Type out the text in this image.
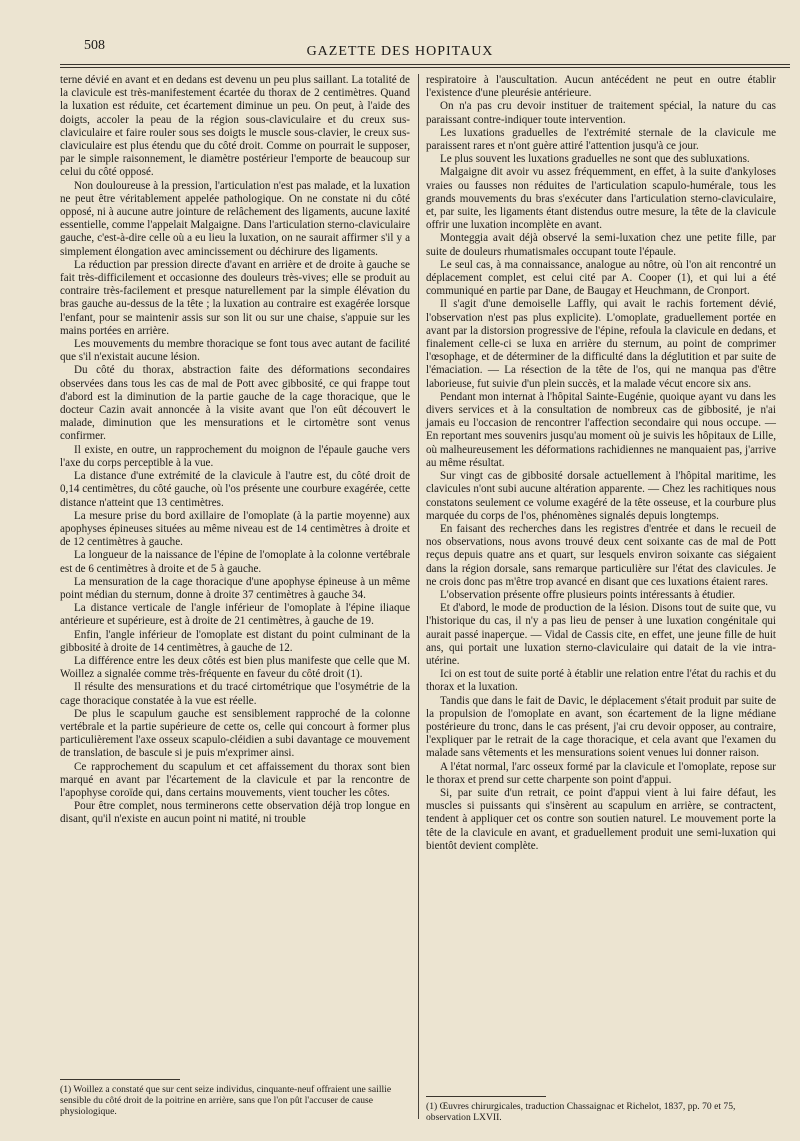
508	GAZETTE DES HOPITAUX

terne dévié en avant et en dedans est devenu un peu plus saillant. La totalité de la clavicule est très-manifestement écartée du thorax de 2 centimètres. Quand la luxation est réduite, cet écartement diminue un peu. On peut, à l'aide des doigts, accoler la peau de la région sous-claviculaire et du creux sus-claviculaire et faire rouler sous ses doigts le muscle sous-clavier, le creux sus-claviculaire est plus étendu que du côté droit. Comme on pourrait le supposer, par le simple raisonnement, le diamètre postérieur l'emporte de beaucoup sur celui du côté opposé.

Non douloureuse à la pression, l'articulation n'est pas malade, et la luxation ne peut être véritablement appelée pathologique. On ne constate ni du côté opposé, ni à aucune autre jointure de relâchement des ligaments, aucune laxité essentielle, comme l'appelait Malgaigne. Dans l'articulation sterno-claviculaire gauche, c'est-à-dire celle où a eu lieu la luxation, on ne saurait affirmer s'il y a simplement élongation avec amincissement ou déchirure des ligaments.

La réduction par pression directe d'avant en arrière et de droite à gauche se fait très-difficilement et occasionne des douleurs très-vives; elle se produit au contraire très-facilement et presque naturellement par la simple élévation du bras gauche au-dessus de la tête ; la luxation au contraire est exagérée lorsque l'enfant, pour se maintenir assis sur son lit ou sur une chaise, s'appuie sur les mains portées en arrière.

Les mouvements du membre thoracique se font tous avec autant de facilité que s'il n'existait aucune lésion.

Du côté du thorax, abstraction faite des déformations secondaires observées dans tous les cas de mal de Pott avec gibbosité, ce qui frappe tout d'abord est la diminution de la partie gauche de la cage thoracique, que le docteur Cazin avait annoncée à la visite avant que l'on eût découvert le malade, diminution que les mensurations et le cirtomètre sont venus confirmer.

Il existe, en outre, un rapprochement du moignon de l'épaule gauche vers l'axe du corps perceptible à la vue.

La distance d'une extrémité de la clavicule à l'autre est, du côté droit de 0,14 centimètres, du côté gauche, où l'os présente une courbure exagérée, cette distance n'atteint que 13 centimètres.

La mesure prise du bord axillaire de l'omoplate (à la partie moyenne) aux apophyses épineuses situées au même niveau est de 14 centimètres à droite et de 12 centimètres à gauche.

La longueur de la naissance de l'épine de l'omoplate à la colonne vertébrale est de 6 centimètres à droite et de 5 à gauche.

La mensuration de la cage thoracique d'une apophyse épineuse à un même point médian du sternum, donne à droite 37 centimètres à gauche 34.

La distance verticale de l'angle inférieur de l'omoplate à l'épine iliaque antérieure et supérieure, est à droite de 21 centimètres, à gauche de 19.

Enfin, l'angle inférieur de l'omoplate est distant du point culminant de la gibbosité à droite de 14 centimètres, à gauche de 12.

La différence entre les deux côtés est bien plus manifeste que celle que M. Woillez a signalée comme très-fréquente en faveur du côté droit (1).

Il résulte des mensurations et du tracé cirtométrique que l'osymétrie de la cage thoracique constatée à la vue est réelle.

De plus le scapulum gauche est sensiblement rapproché de la colonne vertébrale et la partie supérieure de cette os, celle qui concourt à former plus particulièrement l'axe osseux scapulo-cléidien a subi davantage ce mouvement de translation, de bascule si je puis m'exprimer ainsi.

Ce rapprochement du scapulum et cet affaissement du thorax sont bien marqué en avant par l'écartement de la clavicule et par la rencontre de l'apophyse coroïde qui, dans certains mouvements, vient toucher les côtes.

Pour être complet, nous terminerons cette observation déjà trop longue en disant, qu'il n'existe en aucun point ni matité, ni trouble

respiratoire à l'auscultation. Aucun antécédent ne peut en outre établir l'existence d'une pleurésie antérieure.

On n'a pas cru devoir instituer de traitement spécial, la nature du cas paraissant contre-indiquer toute intervention.

Les luxations graduelles de l'extrémité sternale de la clavicule me paraissent rares et n'ont guère attiré l'attention jusqu'à ce jour.

Le plus souvent les luxations graduelles ne sont que des subluxations.

Malgaigne dit avoir vu assez fréquemment, en effet, à la suite d'ankyloses vraies ou fausses non réduites de l'articulation scapulo-humérale, tous les grands mouvements du bras s'exécuter dans l'articulation sterno-claviculaire, et, par suite, les ligaments étant distendus outre mesure, la tête de la clavicule offrir une luxation incomplète en avant.

Monteggia avait déjà observé la semi-luxation chez une petite fille, par suite de douleurs rhumatismales occupant toute l'épaule.

Le seul cas, à ma connaissance, analogue au nôtre, où l'on ait rencontré un déplacement complet, est celui cité par A. Cooper (1), et qui lui a été communiqué en partie par Dane, de Baugay et Heuchmann, de Cronport.

Il s'agit d'une demoiselle Laffly, qui avait le rachis fortement dévié, l'observation n'est pas plus explicite). L'omoplate, graduellement portée en avant par la distorsion progressive de l'épine, refoula la clavicule en dedans, et finalement celle-ci se luxa en arrière du sternum, au point de comprimer l'œsophage, et de déterminer de la difficulté dans la déglutition et par suite de l'émaciation. — La résection de la tête de l'os, qui ne manqua pas d'être laborieuse, fut suivie d'un plein succès, et la malade vécut encore six ans.

Pendant mon internat à l'hôpital Sainte-Eugénie, quoique ayant vu dans les divers services et à la consultation de nombreux cas de gibbosité, je n'ai jamais eu l'occasion de rencontrer l'affection secondaire qui nous occupe. — En reportant mes souvenirs jusqu'au moment où je suivis les hôpitaux de Lille, où malheureusement les déformations rachidiennes ne manquaient pas, j'arrive au même résultat.

Sur vingt cas de gibbosité dorsale actuellement à l'hôpital maritime, les clavicules n'ont subi aucune altération apparente. — Chez les rachitiques nous constatons seulement ce volume exagéré de la tête osseuse, et la courbure plus marquée du corps de l'os, phénomènes signalés depuis longtemps.

En faisant des recherches dans les registres d'entrée et dans le recueil de nos observations, nous avons trouvé deux cent soixante cas de mal de Pott reçus depuis quatre ans et quart, sur lesquels environ soixante cas siégaient dans la région dorsale, sans remarque particulière sur l'état des clavicules. Je ne crois donc pas m'être trop avancé en disant que ces luxations étaient rares.

L'observation présente offre plusieurs points intéressants à étudier.

Et d'abord, le mode de production de la lésion. Disons tout de suite que, vu l'historique du cas, il n'y a pas lieu de penser à une luxation congénitale qui aurait passé inaperçue. — Vidal de Cassis cite, en effet, une jeune fille de huit ans, qui portait une luxation sterno-claviculaire qui datait de la vie intra-utérine.

Ici on est tout de suite porté à établir une relation entre l'état du rachis et du thorax et la luxation.

Tandis que dans le fait de Davic, le déplacement s'était produit par suite de la propulsion de l'omoplate en avant, son écartement de la ligne médiane postérieure du tronc, dans le cas présent, j'ai cru devoir opposer, au contraire, l'expliquer par le retrait de la cage thoracique, et cela avant que l'examen du malade sans vêtements et les mensurations soient venues lui donner raison.

A l'état normal, l'arc osseux formé par la clavicule et l'omoplate, repose sur le thorax et prend sur cette charpente son point d'appui.

Si, par suite d'un retrait, ce point d'appui vient à lui faire défaut, les muscles si puissants qui s'insèrent au scapulum en arrière, se contractent, tendent à appliquer cet os contre son soutien naturel. Le mouvement porte la tête de la clavicule en avant, et graduellement produit une semi-luxation qui bientôt devient complète.

(1) Woillez a constaté que sur cent seize individus, cinquante-neuf offraient une saillie sensible du côté droit de la poitrine en arrière, sans que l'on pût l'accuser de cause physiologique.	(1) Œuvres chirurgicales, traduction Chassaignac et Richelot, 1837, pp. 70 et 75, observation LXVII.
